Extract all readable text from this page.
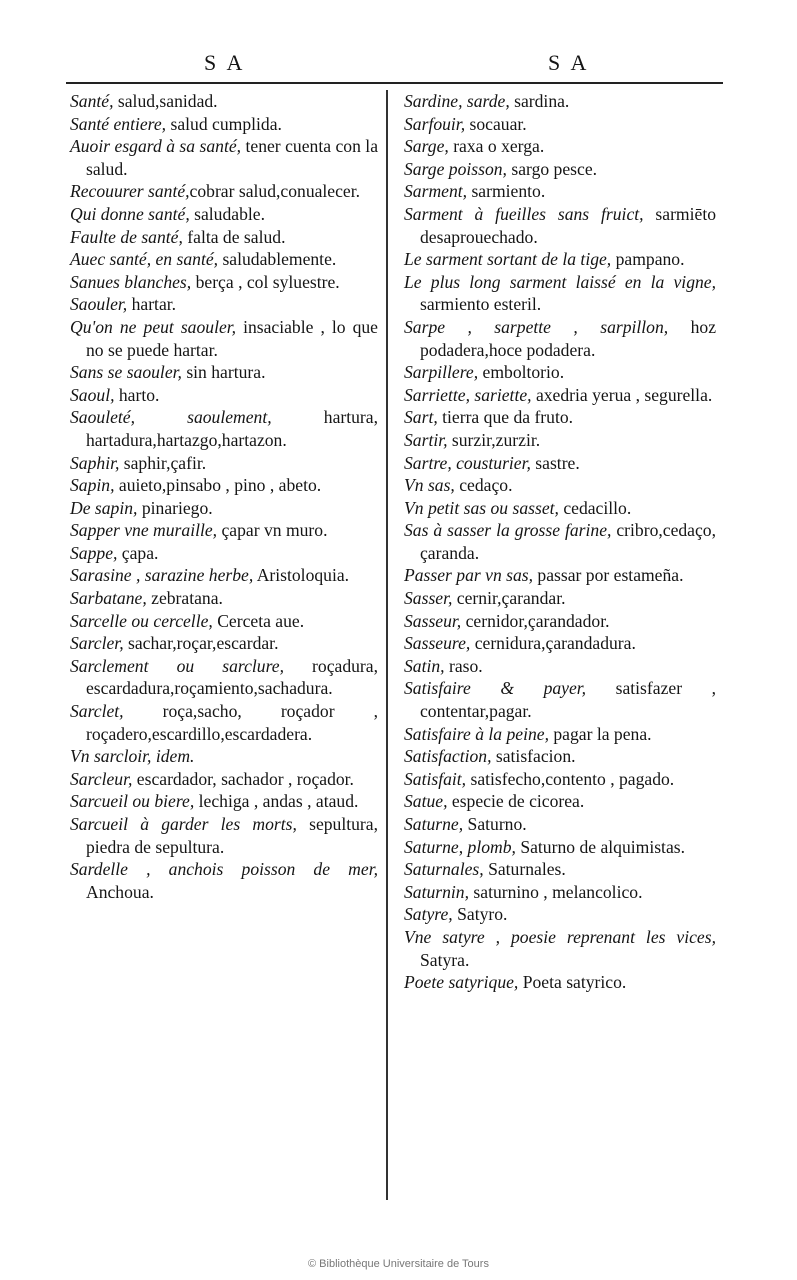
S A	S A

Santé, salud,sanidad.

Santé entiere, salud cumplida.

Auoir esgard à sa santé, tener cuenta con la salud.

Recouurer santé,cobrar salud,conualecer.

Qui donne santé, saludable.

Faulte de santé, falta de salud.

Auec santé, en santé, saludablemente.

Sanues blanches, berça , col syluestre.

Saouler, hartar.

Qu'on ne peut saouler, insaciable , lo que no se puede hartar.

Sans se saouler, sin hartura.

Saoul, harto.

Saouleté, saoulement, hartura, hartadura,hartazgo,hartazon.

Saphir, saphir,çafir.

Sapin, auieto,pinsabo , pino , abeto.

De sapin, pinariego.

Sapper vne muraille, çapar vn muro.

Sappe, çapa.

Sarasine , sarazine herbe, Aristoloquia.

Sarbatane, zebratana.

Sarcelle ou cercelle, Cerceta aue.

Sarcler, sachar,roçar,escardar.

Sarclement ou sarclure, roçadura, escardadura,roçamiento,sachadura.

Sarclet, roça,sacho, roçador , roçadero,escardillo,escardadera.

Vn sarcloir, idem.

Sarcleur, escardador, sachador , roçador.

Sarcueil ou biere, lechiga , andas , ataud.

Sarcueil à garder les morts, sepultura, piedra de sepultura.

Sardelle , anchois poisson de mer, Anchoua.

Sardine, sarde, sardina.

Sarfouir, socauar.

Sarge, raxa o xerga.

Sarge poisson, sargo pesce.

Sarment, sarmiento.

Sarment à fueilles sans fruict, sarmiēto desaprouechado.

Le sarment sortant de la tige, pampano.

Le plus long sarment laissé en la vigne, sarmiento esteril.

Sarpe , sarpette , sarpillon, hoz podadera,hoce podadera.

Sarpillere, emboltorio.

Sarriette, sariette, axedria yerua , segurella.

Sart, tierra que da fruto.

Sartir, surzir,zurzir.

Sartre, cousturier, sastre.

Vn sas, cedaço.

Vn petit sas ou sasset, cedacillo.

Sas à sasser la grosse farine, cribro,cedaço, çaranda.

Passer par vn sas, passar por estameña.

Sasser, cernir,çarandar.

Sasseur, cernidor,çarandador.

Sasseure, cernidura,çarandadura.

Satin, raso.

Satisfaire & payer, satisfazer , contentar,pagar.

Satisfaire à la peine, pagar la pena.

Satisfaction, satisfacion.

Satisfait, satisfecho,contento , pagado.

Satue, especie de cicorea.

Saturne, Saturno.

Saturne, plomb, Saturno de alquimistas.

Saturnales, Saturnales.

Saturnin, saturnino , melancolico.

Satyre, Satyro.

Vne satyre , poesie reprenant les vices, Satyra.

Poete satyrique, Poeta satyrico.

© Bibliothèque Universitaire de Tours
